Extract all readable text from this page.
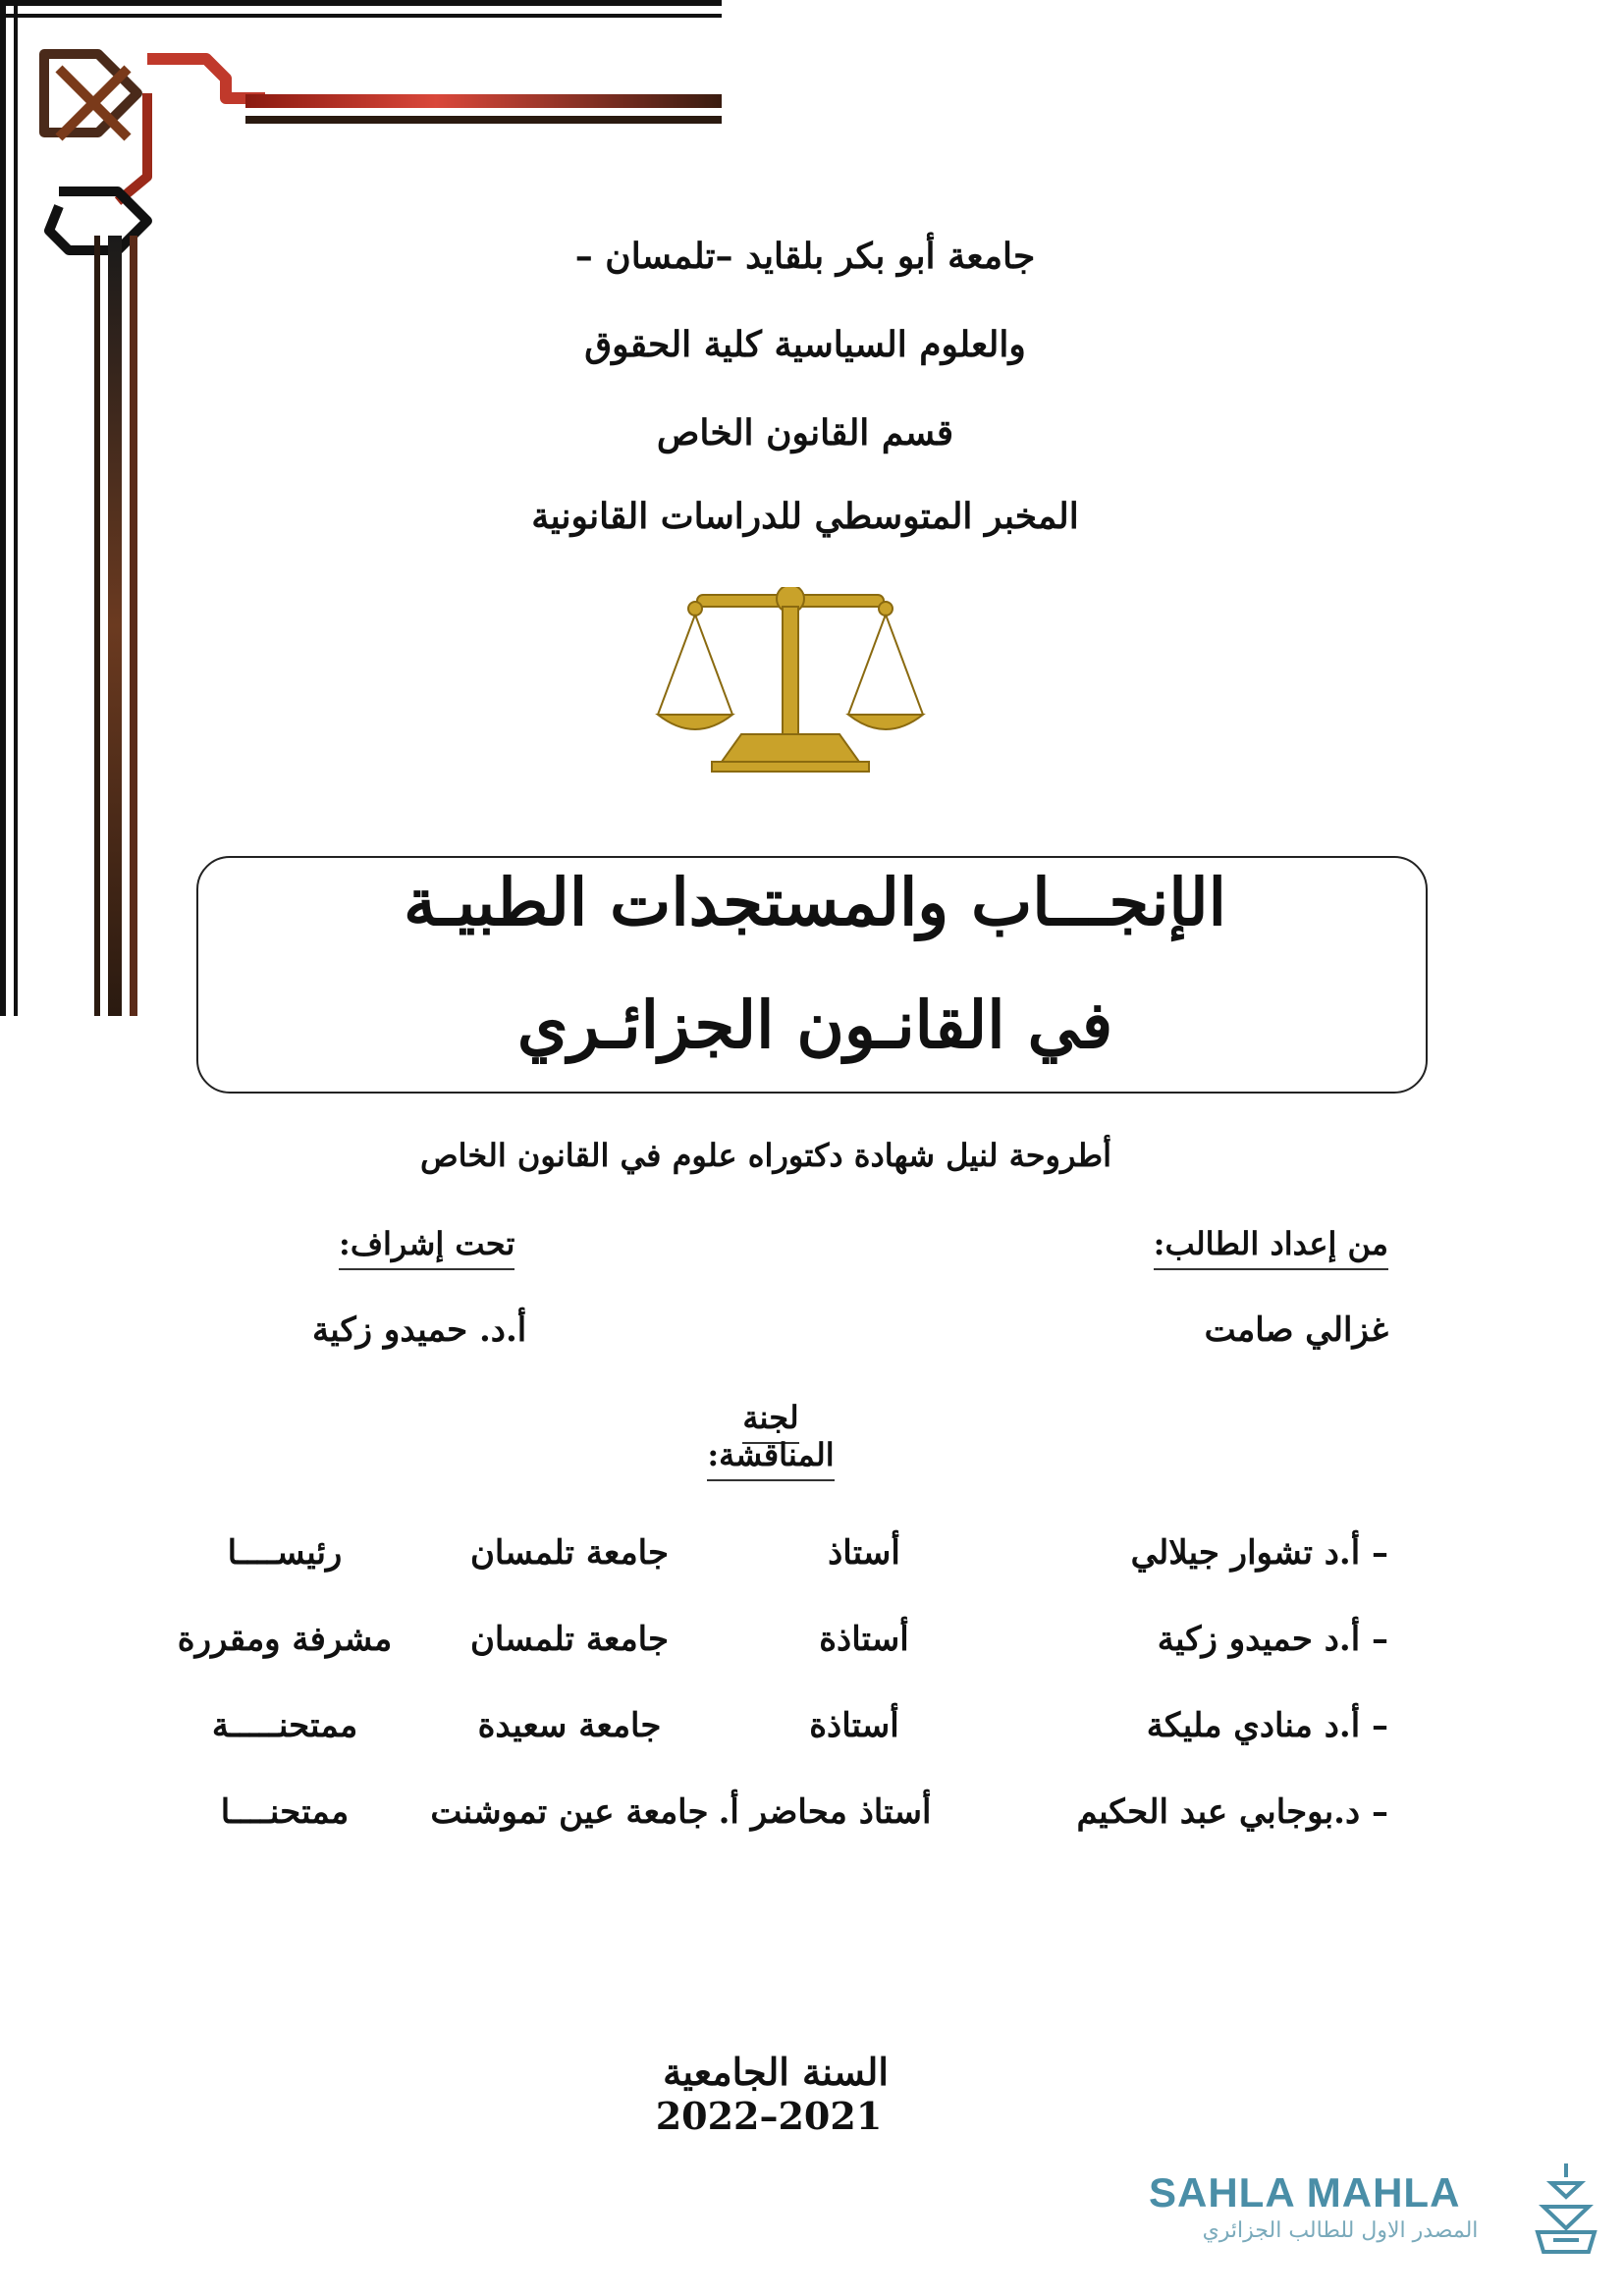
جامعة أبو بكر بلقايد –تلمسان –
والعلوم السياسية كلية الحقوق
قسم القانون الخاص
المخبر المتوسطي للدراسات القانونية
الإنجـــاب والمستجدات الطبيـة
في القانـون الجزائـري
أطروحة لنيل شهادة دكتوراه علوم في القانون الخاص
من إعداد الطالب:
غزالي صامت
تحت إشراف:
أ.د. حميدو زكية
لجنة المناقشة:
– أ.د تشوار جيلالي
أستاذ
جامعة تلمسان
رئيســــا
– أ.د حميدو زكية
أستاذة
جامعة تلمسان
مشرفة ومقررة
– أ.د منادي مليكة
أستاذة
جامعة سعيدة
ممتحنـــــة
– د.بوجابي عبد الحكيم
أستاذ محاضر أ.
جامعة عين تموشنت
ممتحنــــا
السنة الجامعية 2022–2021
SAHLA MAHLA
المصدر الاول للطالب الجزائري
